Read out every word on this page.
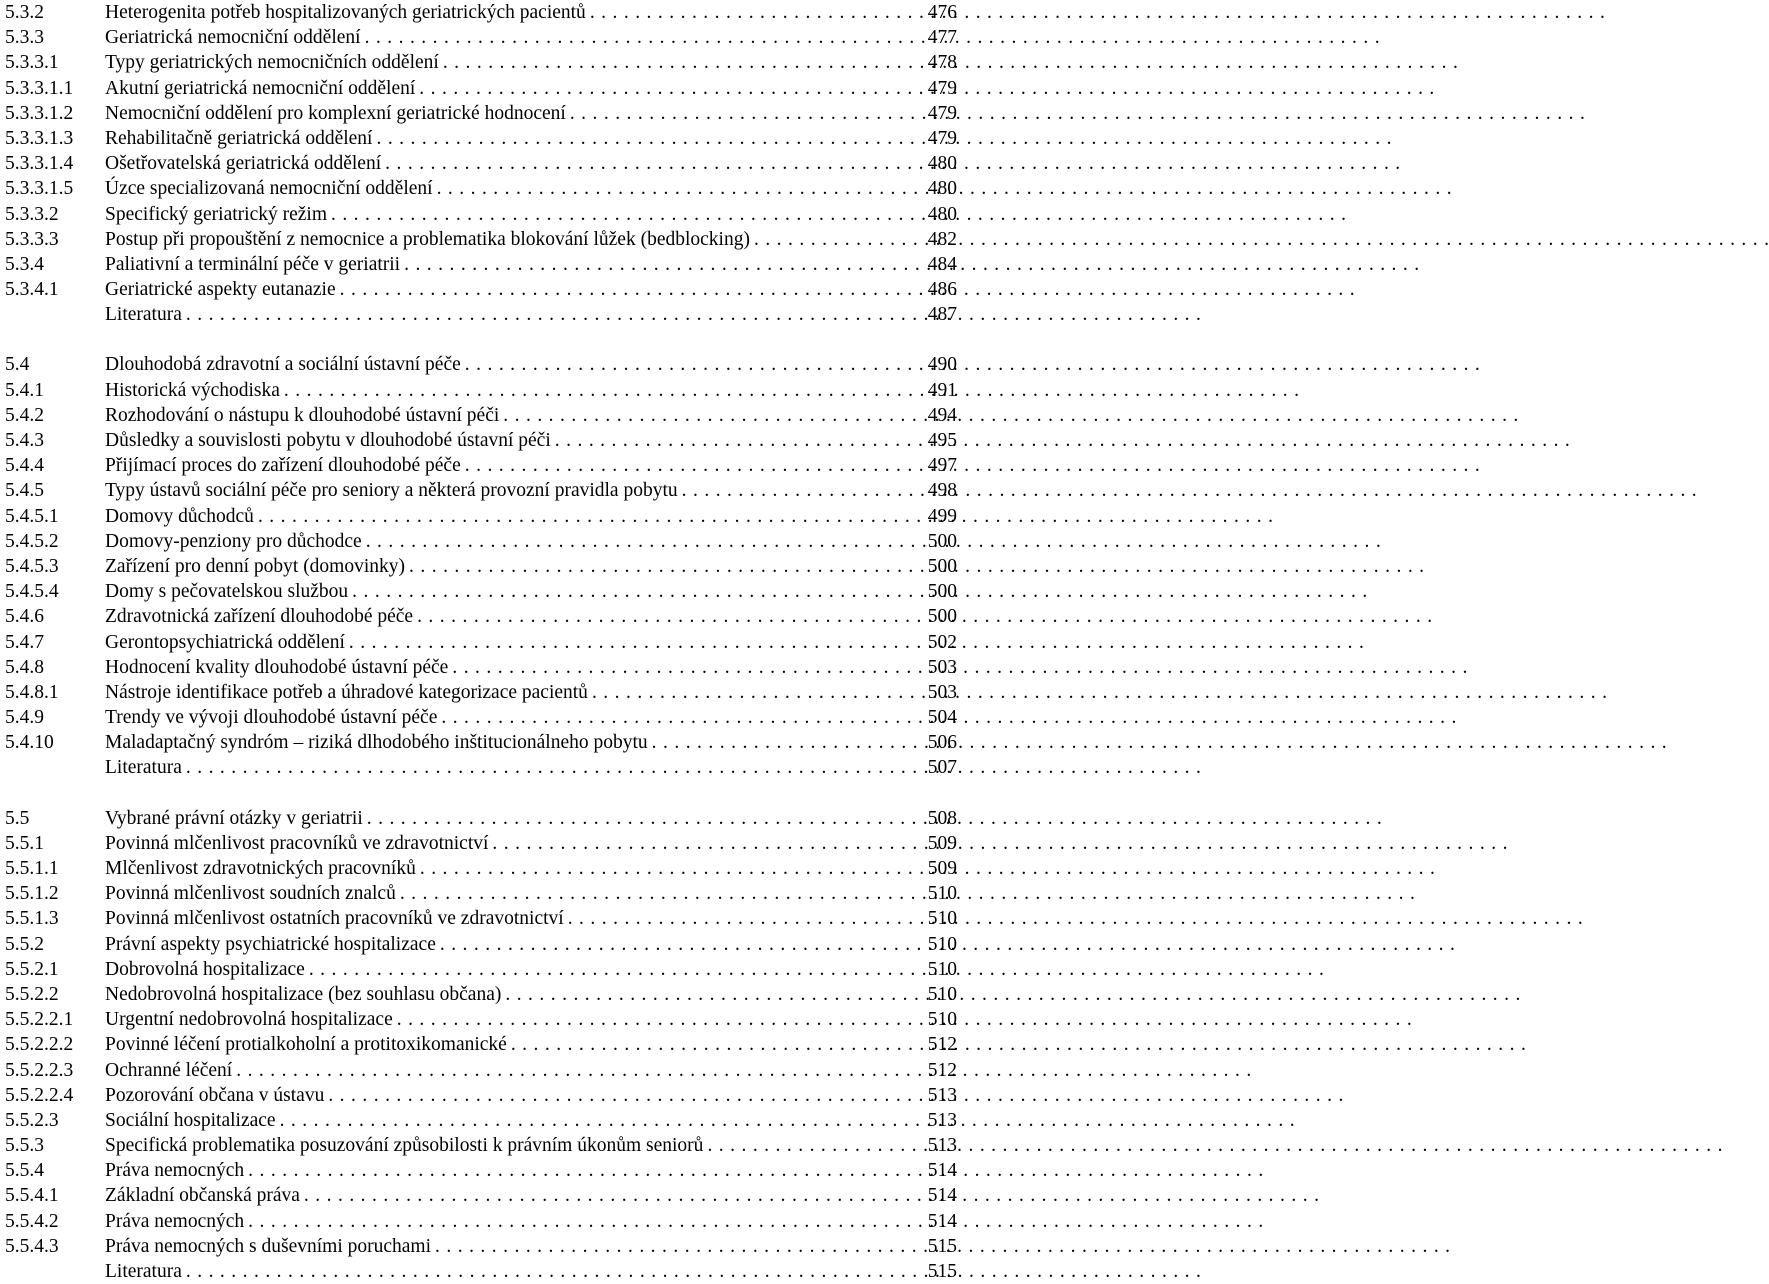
5.3.2	Heterogenita potřeb hospitalizovaných geriatrických pacientů . . .	476
5.3.3	Geriatrická nemocniční oddělení . . .	477
5.3.3.1	Typy geriatrických nemocničních oddělení . . .	478
5.3.3.1.1	Akutní geriatrická nemocniční oddělení . . .	479
5.3.3.1.2	Nemocniční oddělení pro komplexní geriatrické hodnocení . . .	479
5.3.3.1.3	Rehabilitačně geriatrická oddělení . . .	479
5.3.3.1.4	Ošetřovatelská geriatrická oddělení . . .	480
5.3.3.1.5	Úzce specializovaná nemocniční oddělení . . .	480
5.3.3.2	Specifický geriatrický režim . . .	480
5.3.3.3	Postup při propouštění z nemocnice a problematika blokování lůžek (bedblocking) . . .	482
5.3.4	Paliativní a terminální péče v geriatrii . . .	484
5.3.4.1	Geriatrické aspekty eutanazie . . .	486
Literatura . . .	487
5.4	Dlouhodobá zdravotní a sociální ústavní péče . . .	490
5.4.1	Historická východiska . . .	491
5.4.2	Rozhodování o nástupu k dlouhodobé ústavní péči . . .	494
5.4.3	Důsledky a souvislosti pobytu v dlouhodobé ústavní péči . . .	495
5.4.4	Přijímací proces do zařízení dlouhodobé péče . . .	497
5.4.5	Typy ústavů sociální péče pro seniory a některá provozní pravidla pobytu . . .	498
5.4.5.1	Domovy důchodců . . .	499
5.4.5.2	Domovy-penziony pro důchodce . . .	500
5.4.5.3	Zařízení pro denní pobyt (domovinky) . . .	500
5.4.5.4	Domy s pečovatelskou službou . . .	500
5.4.6	Zdravotnická zařízení dlouhodobé péče . . .	500
5.4.7	Gerontopsychiatrická oddělení . . .	502
5.4.8	Hodnocení kvality dlouhodobé ústavní péče . . .	503
5.4.8.1	Nástroje identifikace potřeb a úhradové kategorizace pacientů . . .	503
5.4.9	Trendy ve vývoji dlouhodobé ústavní péče . . .	504
5.4.10	Maladaptačný syndróm – riziká dlhodobého inštitucionálneho pobytu . . .	506
Literatura . . .	507
5.5	Vybrané právní otázky v geriatrii . . .	508
5.5.1	Povinná mlčenlivost pracovníků ve zdravotnictví . . .	509
5.5.1.1	Mlčenlivost zdravotnických pracovníků . . .	509
5.5.1.2	Povinná mlčenlivost soudních znalců . . .	510
5.5.1.3	Povinná mlčenlivost ostatních pracovníků ve zdravotnictví . . .	510
5.5.2	Právní aspekty psychiatrické hospitalizace . . .	510
5.5.2.1	Dobrovolná hospitalizace . . .	510
5.5.2.2	Nedobrovolná hospitalizace (bez souhlasu občana) . . .	510
5.5.2.2.1	Urgentní nedobrovolná hospitalizace . . .	510
5.5.2.2.2	Povinné léčení protialkoholní a protitoxikomanické . . .	512
5.5.2.2.3	Ochranné léčení . . .	512
5.5.2.2.4	Pozorování občana v ústavu . . .	513
5.5.2.3	Sociální hospitalizace . . .	513
5.5.3	Specifická problematika posuzování způsobilosti k právním úkonům seniorů . . .	513
5.5.4	Práva nemocných . . .	514
5.5.4.1	Základní občanská práva . . .	514
5.5.4.2	Práva nemocných . . .	514
5.5.4.3	Práva nemocných s duševními poruchami . . .	515
Literatura . . .	515
